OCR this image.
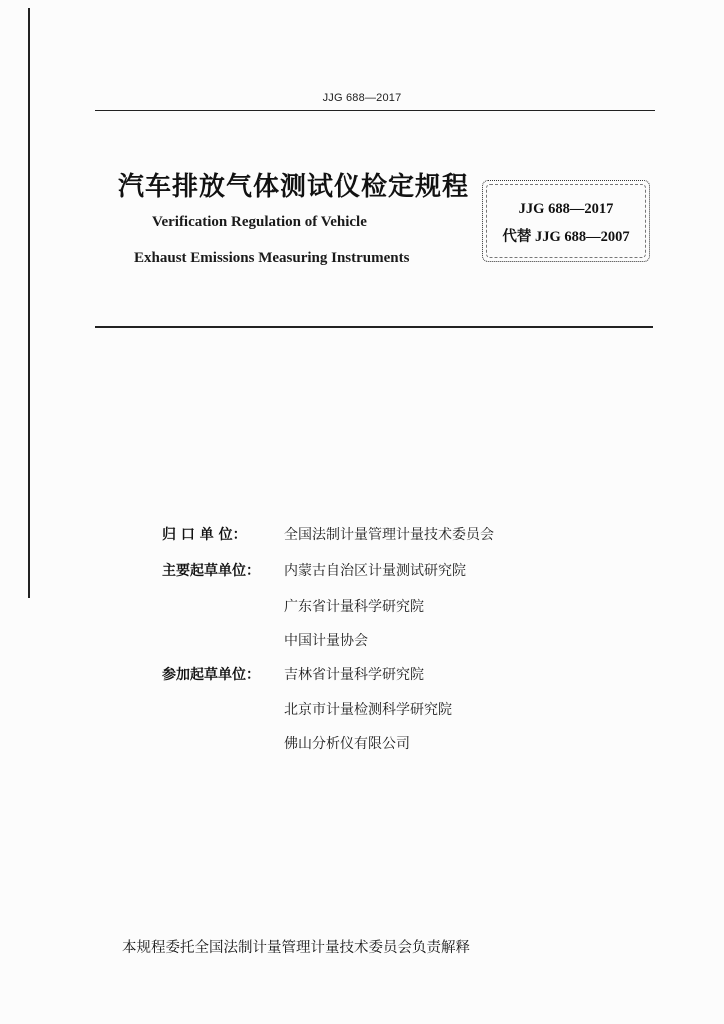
JJG 688—2017
汽车排放气体测试仪检定规程
Verification Regulation of Vehicle
Exhaust Emissions Measuring Instruments
JJG 688—2017
代替 JJG 688—2007
归 口 单 位：	全国法制计量管理计量技术委员会
主要起草单位：	内蒙古自治区计量测试研究院
广东省计量科学研究院
中国计量协会
参加起草单位：	吉林省计量科学研究院
北京市计量检测科学研究院
佛山分析仪有限公司
本规程委托全国法制计量管理计量技术委员会负责解释
